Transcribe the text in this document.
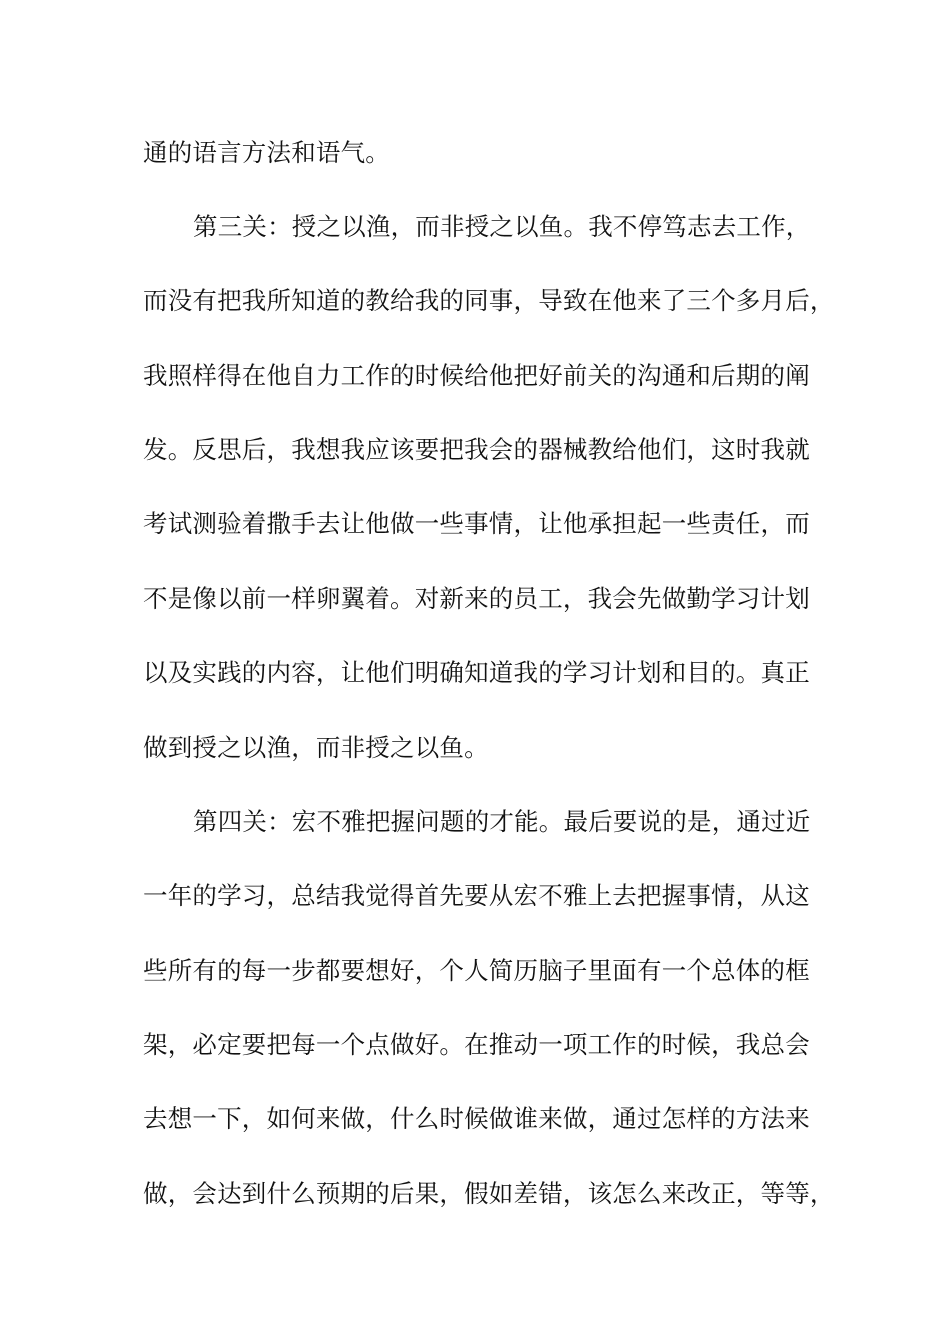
通的语言方法和语气。
第三关：授之以渔，而非授之以鱼。我不停笃志去工作，
而没有把我所知道的教给我的同事，导致在他来了三个多月后，
我照样得在他自力工作的时候给他把好前关的沟通和后期的阐
发。反思后，我想我应该要把我会的器械教给他们，这时我就
考试测验着撒手去让他做一些事情，让他承担起一些责任，而
不是像以前一样卵翼着。对新来的员工，我会先做勤学习计划
以及实践的内容，让他们明确知道我的学习计划和目的。真正
做到授之以渔，而非授之以鱼。
第四关：宏不雅把握问题的才能。最后要说的是，通过近
一年的学习，总结我觉得首先要从宏不雅上去把握事情，从这
些所有的每一步都要想好，个人简历脑子里面有一个总体的框
架，必定要把每一个点做好。在推动一项工作的时候，我总会
去想一下，如何来做，什么时候做谁来做，通过怎样的方法来
做，会达到什么预期的后果，假如差错，该怎么来改正，等等，
